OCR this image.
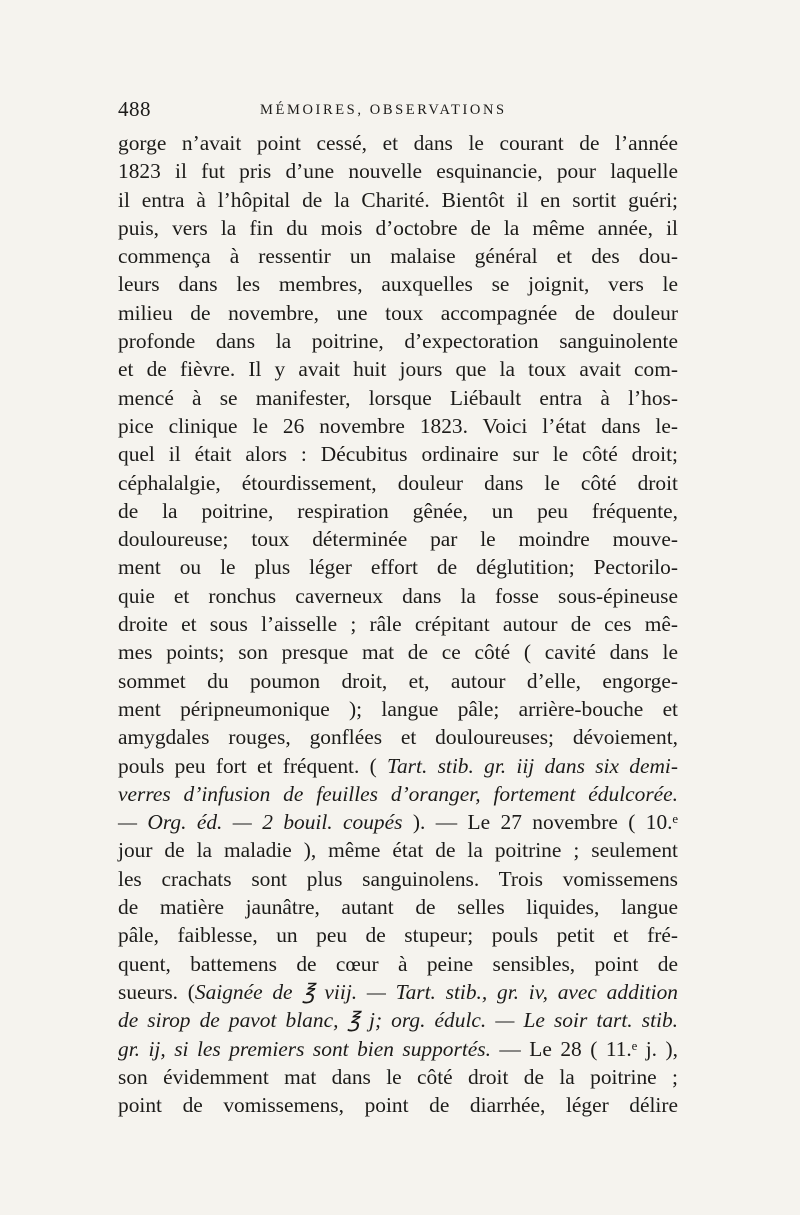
488	MÉMOIRES, OBSERVATIONS
gorge n’avait point cessé, et dans le courant de l’année
1823 il fut pris d’une nouvelle esquinancie, pour laquelle
il entra à l’hôpital de la Charité. Bientôt il en sortit guéri;
puis, vers la fin du mois d’octobre de la même année, il
commença à ressentir un malaise général et des dou-
leurs dans les membres, auxquelles se joignit, vers le
milieu de novembre, une toux accompagnée de douleur
profonde dans la poitrine, d’expectoration sanguinolente
et de fièvre. Il y avait huit jours que la toux avait com-
mencé à se manifester, lorsque Liébault entra à l’hos-
pice clinique le 26 novembre 1823. Voici l’état dans le-
quel il était alors : Décubitus ordinaire sur le côté droit;
céphalalgie, étourdissement, douleur dans le côté droit
de la poitrine, respiration gênée, un peu fréquente,
douloureuse; toux déterminée par le moindre mouve-
ment ou le plus léger effort de déglutition; Pectorilo-
quie et ronchus caverneux dans la fosse sous-épineuse
droite et sous l’aisselle ; râle crépitant autour de ces mê-
mes points; son presque mat de ce côté ( cavité dans le
sommet du poumon droit, et, autour d’elle, engorge-
ment péripneumonique ); langue pâle; arrière-bouche et
amygdales rouges, gonflées et douloureuses; dévoiement,
pouls peu fort et fréquent. ( Tart. stib. gr. iij dans six demi-
verres d’infusion de feuilles d’oranger, fortement édulcorée.
— Org. éd. — 2 bouil. coupés ). — Le 27 novembre ( 10.ᵉ
jour de la maladie ), même état de la poitrine ; seulement
les crachats sont plus sanguinolens. Trois vomissemens
de matière jaunâtre, autant de selles liquides, langue
pâle, faiblesse, un peu de stupeur; pouls petit et fré-
quent, battemens de cœur à peine sensibles, point de
sueurs. (Saignée de ℥ viij. — Tart. stib., gr. iv, avec addition
de sirop de pavot blanc, ℥ j; org. édulc. — Le soir tart. stib.
gr. ij, si les premiers sont bien supportés. — Le 28 ( 11.ᵉ j. ),
son évidemment mat dans le côté droit de la poitrine ;
point de vomissemens, point de diarrhée, léger délire
